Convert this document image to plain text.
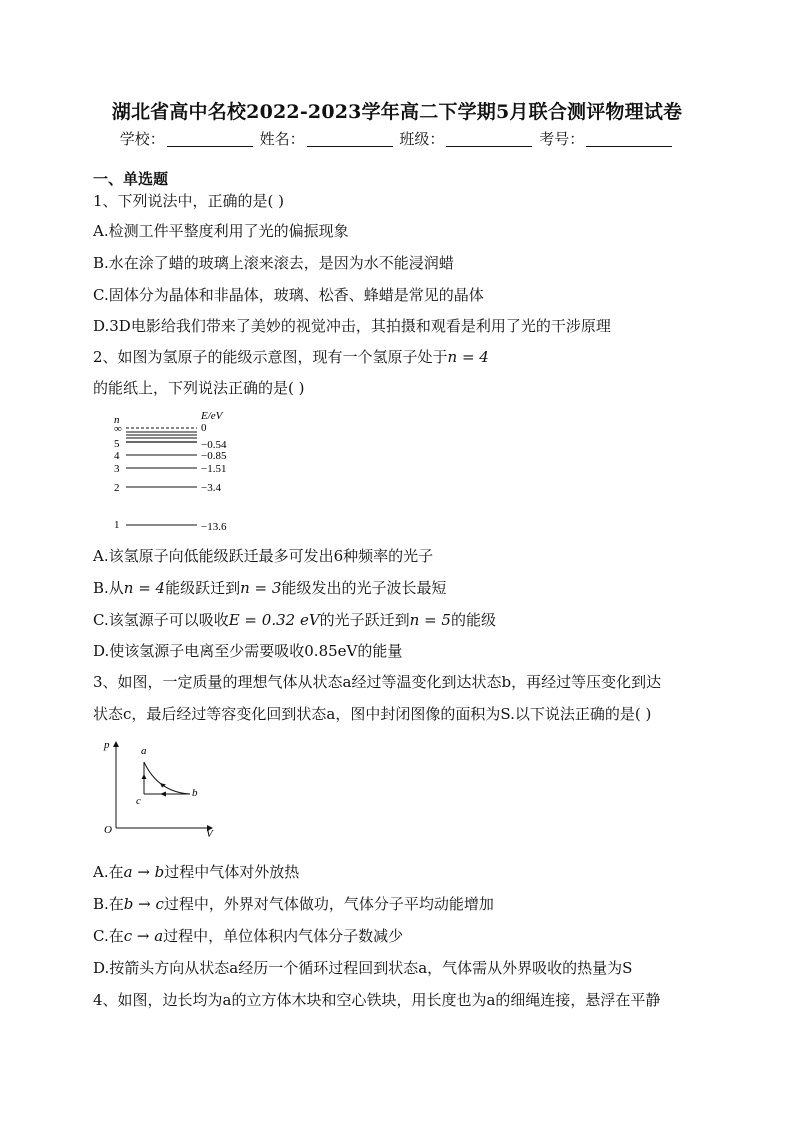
湖北省高中名校2022-2023学年高二下学期5月联合测评物理试卷
学校：	姓名：	班级：	考号：
一、单选题
1、下列说法中，正确的是( )
A.检测工件平整度利用了光的偏振现象
B.水在涂了蜡的玻璃上滚来滚去，是因为水不能浸润蜡
C.固体分为晶体和非晶体，玻璃、松香、蜂蜡是常见的晶体
D.3D电影给我们带来了美妙的视觉冲击，其拍摄和观看是利用了光的干涉原理
2、如图为氢原子的能级示意图，现有一个氢原子处于n = 4
的能纸上，下列说法正确的是( )
n	E/eV
∞	0
5	−0.54
4	−0.85
3	−1.51
2	−3.4
1	−13.6
A.该氢原子向低能级跃迁最多可发出6种频率的光子
B.从n = 4能级跃迁到n = 3能级发出的光子波长最短
C.该氢源子可以吸收E = 0.32 eV的光子跃迁到n = 5的能级
D.使该氢源子电离至少需要吸收0.85eV的能量
3、如图，一定质量的理想气体从状态a经过等温变化到达状态b，再经过等压变化到达
状态c，最后经过等容变化回到状态a，图中封闭图像的面积为S.以下说法正确的是( )
p
V
O
a
b
c
A.在a → b过程中气体对外放热
B.在b → c过程中，外界对气体做功，气体分子平均动能增加
C.在c → a过程中，单位体积内气体分子数减少
D.按箭头方向从状态a经历一个循环过程回到状态a，气体需从外界吸收的热量为S
4、如图，边长均为a的立方体木块和空心铁块，用长度也为a的细绳连接，悬浮在平静
